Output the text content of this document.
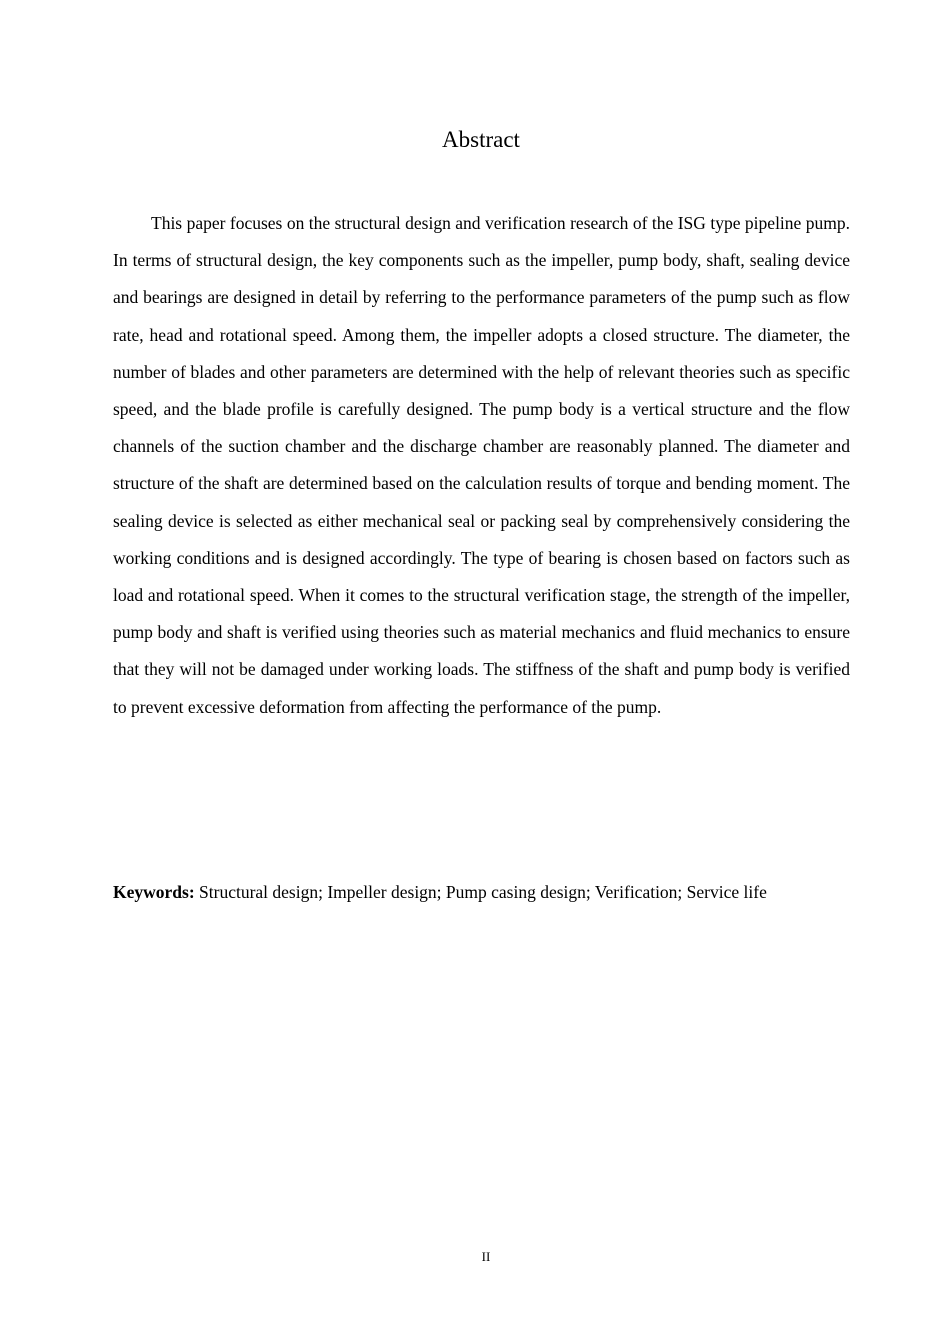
Abstract

This paper focuses on the structural design and verification research of the ISG type pipeline pump. In terms of structural design, the key components such as the impeller, pump body, shaft, sealing device and bearings are designed in detail by referring to the performance parameters of the pump such as flow rate, head and rotational speed. Among them, the impeller adopts a closed structure. The diameter, the number of blades and other parameters are determined with the help of relevant theories such as specific speed, and the blade profile is carefully designed. The pump body is a vertical structure and the flow channels of the suction chamber and the discharge chamber are reasonably planned. The diameter and structure of the shaft are determined based on the calculation results of torque and bending moment. The sealing device is selected as either mechanical seal or packing seal by comprehensively considering the working conditions and is designed accordingly. The type of bearing is chosen based on factors such as load and rotational speed. When it comes to the structural verification stage, the strength of the impeller, pump body and shaft is verified using theories such as material mechanics and fluid mechanics to ensure that they will not be damaged under working loads. The stiffness of the shaft and pump body is verified to prevent excessive deformation from affecting the performance of the pump.

Keywords: Structural design; Impeller design; Pump casing design; Verification; Service life

II
